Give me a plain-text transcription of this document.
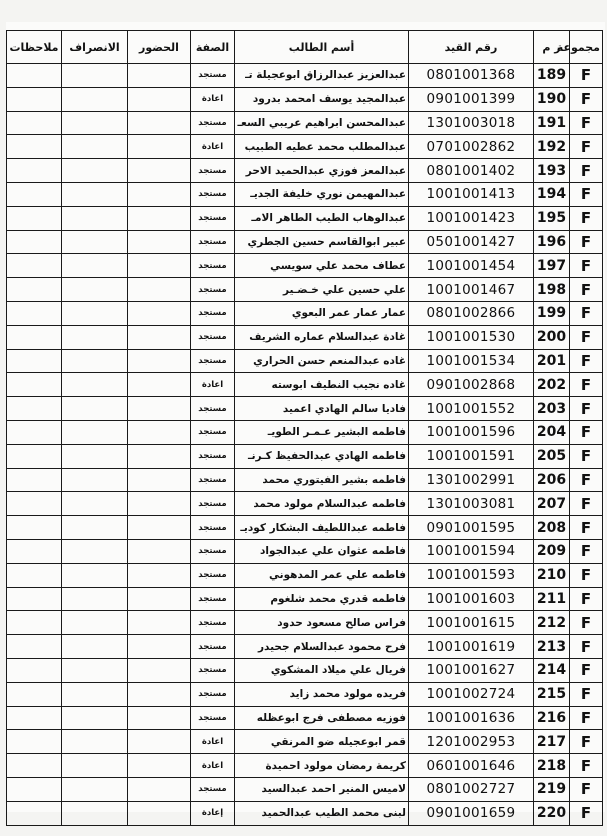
مجموعة	ر م	رقم القيد	أسم الطالب	الصفة	الحضور	الانصراف	ملاحظات
F	189	0801001368	عبدالعزيز عبدالرزاق ابوعجيلة تـ	مستجد			
F	190	0901001399	عبدالمجيد يوسف امحمد بدرود	اعادة			
F	191	1301003018	عبدالمحسن ابراهيم عريبي السعـ	مستجد			
F	192	0701002862	عبدالمطلب محمد عطيه الطبيب	اعادة			
F	193	0801001402	عبدالمعز فوزي عبدالحميد الاحر	مستجد			
F	194	1001001413	عبدالمهيمن نوري خليفة الجديـ	مستجد			
F	195	1001001423	عبدالوهاب الطيب الطاهر الامـ	مستجد			
F	196	0501001427	عبير ابوالقاسم حسين الجطري	مستجد			
F	197	1001001454	عطاف محمد علي سويسي	مستجد			
F	198	1001001467	علي حسين علي خـضـير	مستجد			
F	199	0801002866	عمار عمار عمر البعوي	مستجد			
F	200	1001001530	غادة عبدالسلام عماره الشريف	مستجد			
F	201	1001001534	غاده عبدالمنعم حسن الحراري	مستجد			
F	202	0901002868	غاده نجيب النطيف ابوسته	اعادة			
F	203	1001001552	فاديا سالم الهادي اعميد	مستجد			
F	204	1001001596	فاطمه البشير عـمـر الطويـ	مستجد			
F	205	1001001591	فاطمه الهادي عبدالحفيظ كـرنـ	مستجد			
F	206	1301002991	فاطمه بشير الفيتوري محمد	مستجد			
F	207	1301003081	فاطمه عبدالسلام مولود محمد	مستجد			
F	208	0901001595	فاطمه عبداللطيف البشكار كوديـ	مستجد			
F	209	1001001594	فاطمه عثوان علي عبدالجواد	مستجد			
F	210	1001001593	فاطمه علي عمر المدهوني	مستجد			
F	211	1001001603	فاطمه قدري محمد شلغوم	مستجد			
F	212	1001001615	فراس صالح مسعود حدود	مستجد			
F	213	1001001619	فرح محمود عبدالسلام جحيدر	مستجد			
F	214	1001001627	فريال علي ميلاد المشكوي	مستجد			
F	215	1001002724	فريده مولود محمد زايد	مستجد			
F	216	1001001636	فوزيه مصطفى فرج ابوعظله	مستجد			
F	217	1201002953	قمر ابوعجيله ضو المرنقي	اعادة			
F	218	0601001646	كريمة رمضان مولود احميدة	اعادة			
F	219	0801002727	لاميس المنير احمد عبدالسيد	مستجد			
F	220	0901001659	لبنى محمد الطيب عبدالحميد	إعادة			
